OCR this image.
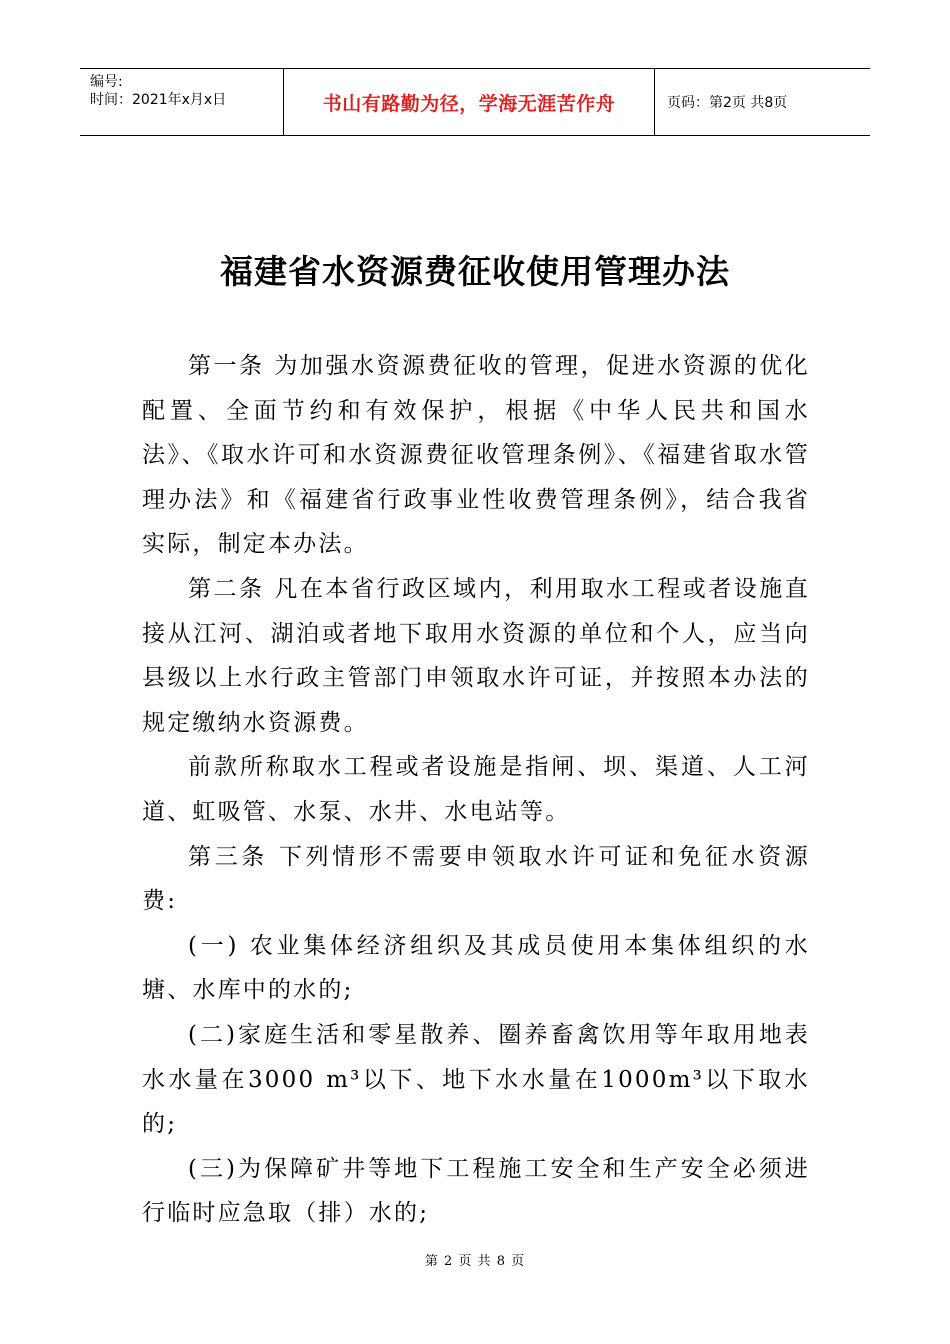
编号:
时间：2021年x月x日	书山有路勤为径，学海无涯苦作舟	页码：第2页 共8页
福建省水资源费征收使用管理办法

第一条 为加强水资源费征收的管理，促进水资源的优化配置、全面节约和有效保护，根据《中华人民共和国水法》、《取水许可和水资源费征收管理条例》、《福建省取水管理办法》和《福建省行政事业性收费管理条例》，结合我省实际，制定本办法。

第二条 凡在本省行政区域内，利用取水工程或者设施直接从江河、湖泊或者地下取用水资源的单位和个人，应当向县级以上水行政主管部门申领取水许可证，并按照本办法的规定缴纳水资源费。

前款所称取水工程或者设施是指闸、坝、渠道、人工河道、虹吸管、水泵、水井、水电站等。

第三条 下列情形不需要申领取水许可证和免征水资源费:

(一) 农业集体经济组织及其成员使用本集体组织的水塘、水库中的水的;

(二)家庭生活和零星散养、圈养畜禽饮用等年取用地表水水量在3000 m³以下、地下水水量在1000m³以下取水的;

(三)为保障矿井等地下工程施工安全和生产安全必须进行临时应急取（排）水的;

第 2 页 共 8 页
